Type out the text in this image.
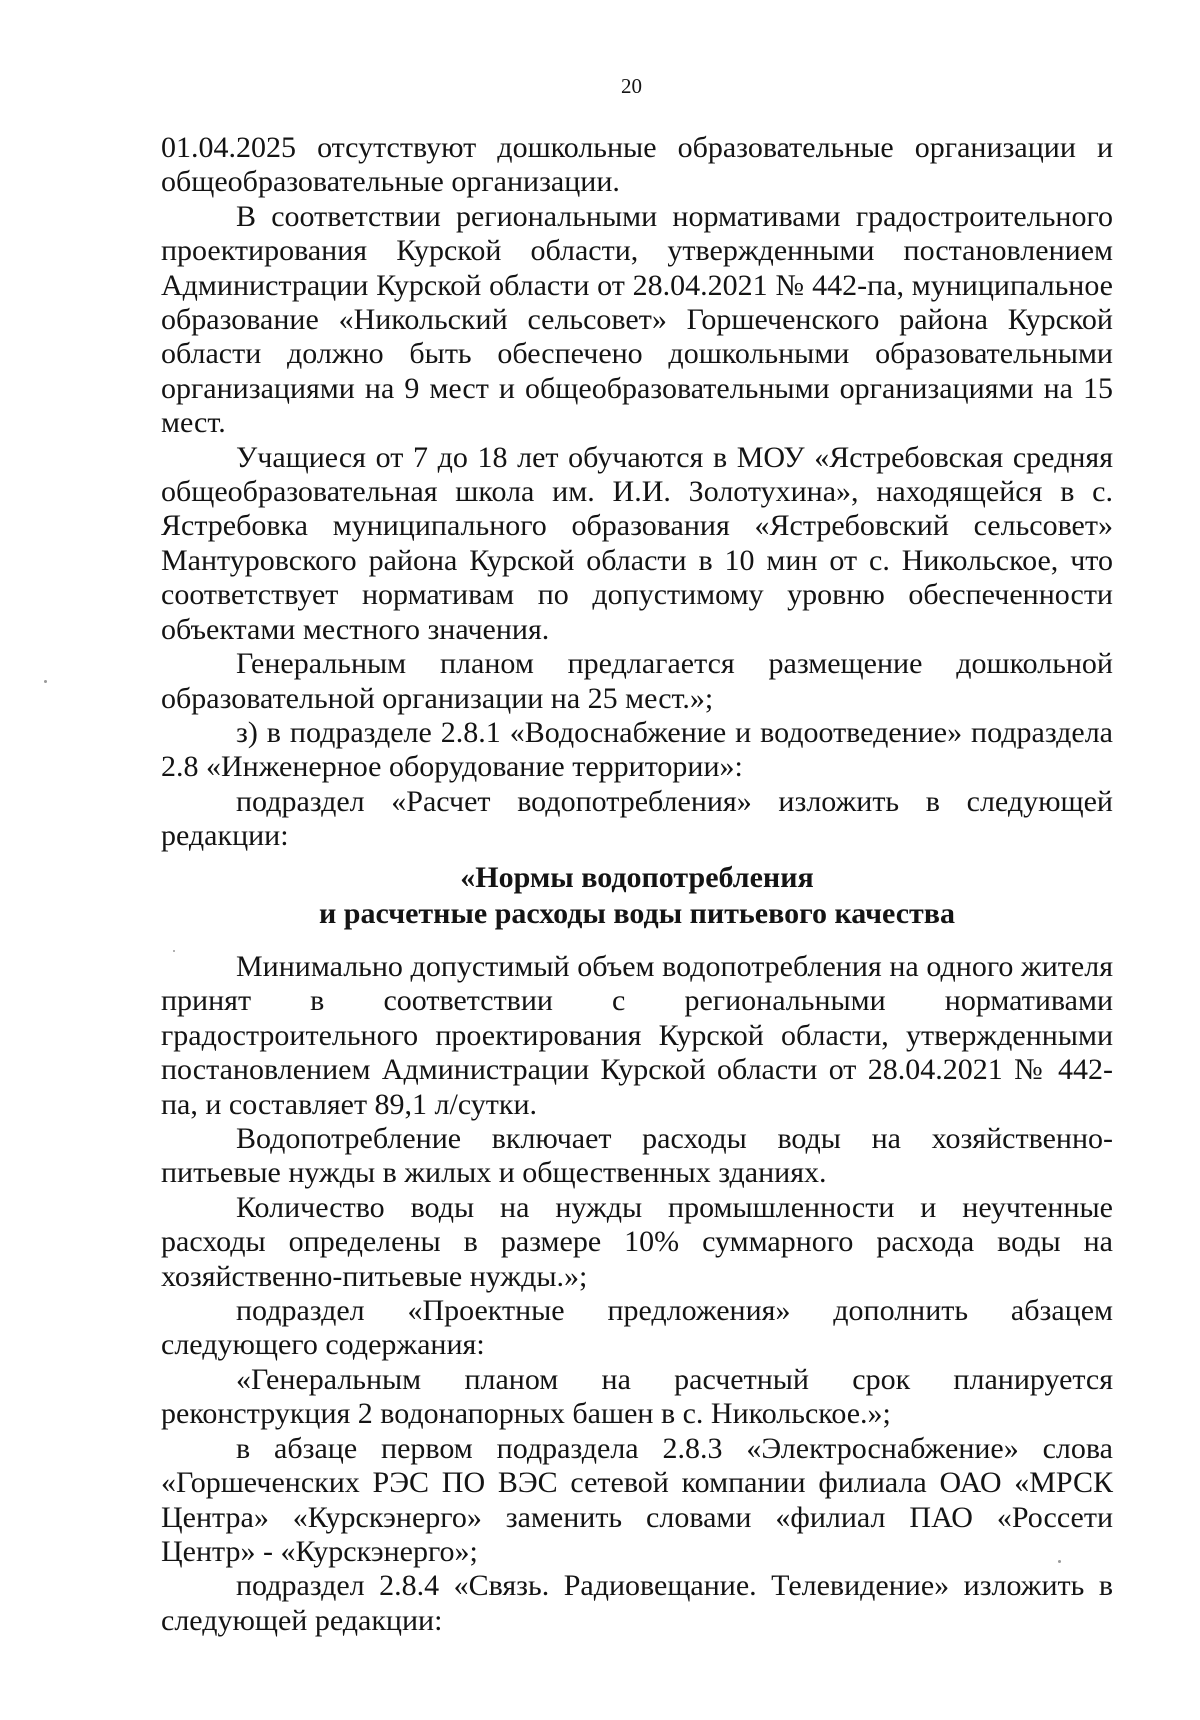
20

01.04.2025 отсутствуют дошкольные образовательные организации и общеобразовательные организации.

В соответствии региональными нормативами градостроительного проектирования Курской области, утвержденными постановлением Администрации Курской области от 28.04.2021 № 442-па, муниципальное образование «Никольский сельсовет» Горшеченского района Курской области должно быть обеспечено дошкольными образовательными организациями на 9 мест и общеобразовательными организациями на 15 мест.

Учащиеся от 7 до 18 лет обучаются в МОУ «Ястребовская средняя общеобразовательная школа им. И.И. Золотухина», находящейся в с. Ястребовка муниципального образования «Ястребовский сельсовет» Мантуровского района Курской области в 10 мин от с. Никольское, что соответствует нормативам по допустимому уровню обеспеченности объектами местного значения.

Генеральным планом предлагается размещение дошкольной образовательной организации на 25 мест.»;

з) в подразделе 2.8.1 «Водоснабжение и водоотведение» подраздела 2.8 «Инженерное оборудование территории»:

подраздел «Расчет водопотребления» изложить в следующей редакции:

«Нормы водопотребления

и расчетные расходы воды питьевого качества

Минимально допустимый объем водопотребления на одного жителя принят в соответствии с региональными нормативами градостроительного проектирования Курской области, утвержденными постановлением Администрации Курской области от 28.04.2021 № 442-па, и составляет 89,1 л/сутки.

Водопотребление включает расходы воды на хозяйственно-питьевые нужды в жилых и общественных зданиях.

Количество воды на нужды промышленности и неучтенные расходы определены в размере 10% суммарного расхода воды на хозяйственно-питьевые нужды.»;

подраздел «Проектные предложения» дополнить абзацем следующего содержания:

«Генеральным планом на расчетный срок планируется реконструкция 2 водонапорных башен в с. Никольское.»;

в абзаце первом подраздела 2.8.3 «Электроснабжение» слова «Горшеченских РЭС ПО ВЭС сетевой компании филиала ОАО «МРСК Центра» «Курскэнерго» заменить словами «филиал ПАО «Россети Центр» - «Курскэнерго»;

подраздел 2.8.4 «Связь. Радиовещание. Телевидение» изложить в следующей редакции:
